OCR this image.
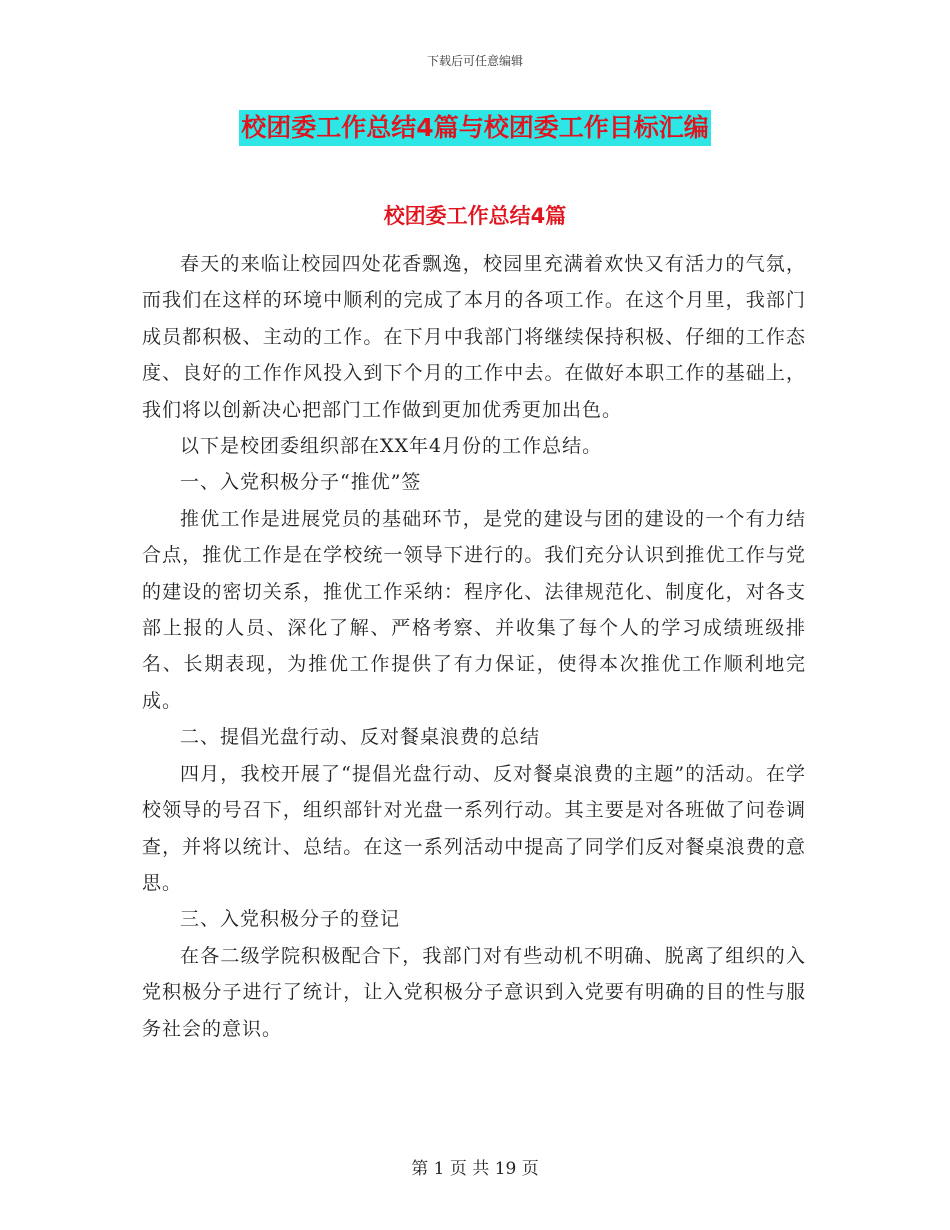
下载后可任意编辑
校团委工作总结4篇与校团委工作目标汇编
校团委工作总结4篇

春天的来临让校园四处花香飘逸，校园里充满着欢快又有活力的气氛，而我们在这样的环境中顺利的完成了本月的各项工作。在这个月里，我部门成员都积极、主动的工作。在下月中我部门将继续保持积极、仔细的工作态度、良好的工作作风投入到下个月的工作中去。在做好本职工作的基础上，我们将以创新决心把部门工作做到更加优秀更加出色。

以下是校团委组织部在XX年4月份的工作总结。

一、入党积极分子“推优”签

推优工作是进展党员的基础环节，是党的建设与团的建设的一个有力结合点，推优工作是在学校统一领导下进行的。我们充分认识到推优工作与党的建设的密切关系，推优工作采纳：程序化、法律规范化、制度化，对各支部上报的人员、深化了解、严格考察、并收集了每个人的学习成绩班级排名、长期表现，为推优工作提供了有力保证，使得本次推优工作顺利地完成。

二、提倡光盘行动、反对餐桌浪费的总结

四月，我校开展了“提倡光盘行动、反对餐桌浪费的主题”的活动。在学校领导的号召下，组织部针对光盘一系列行动。其主要是对各班做了问卷调查，并将以统计、总结。在这一系列活动中提高了同学们反对餐桌浪费的意思。

三、入党积极分子的登记

在各二级学院积极配合下，我部门对有些动机不明确、脱离了组织的入党积极分子进行了统计，让入党积极分子意识到入党要有明确的目的性与服务社会的意识。

第 1 页 共 19 页
